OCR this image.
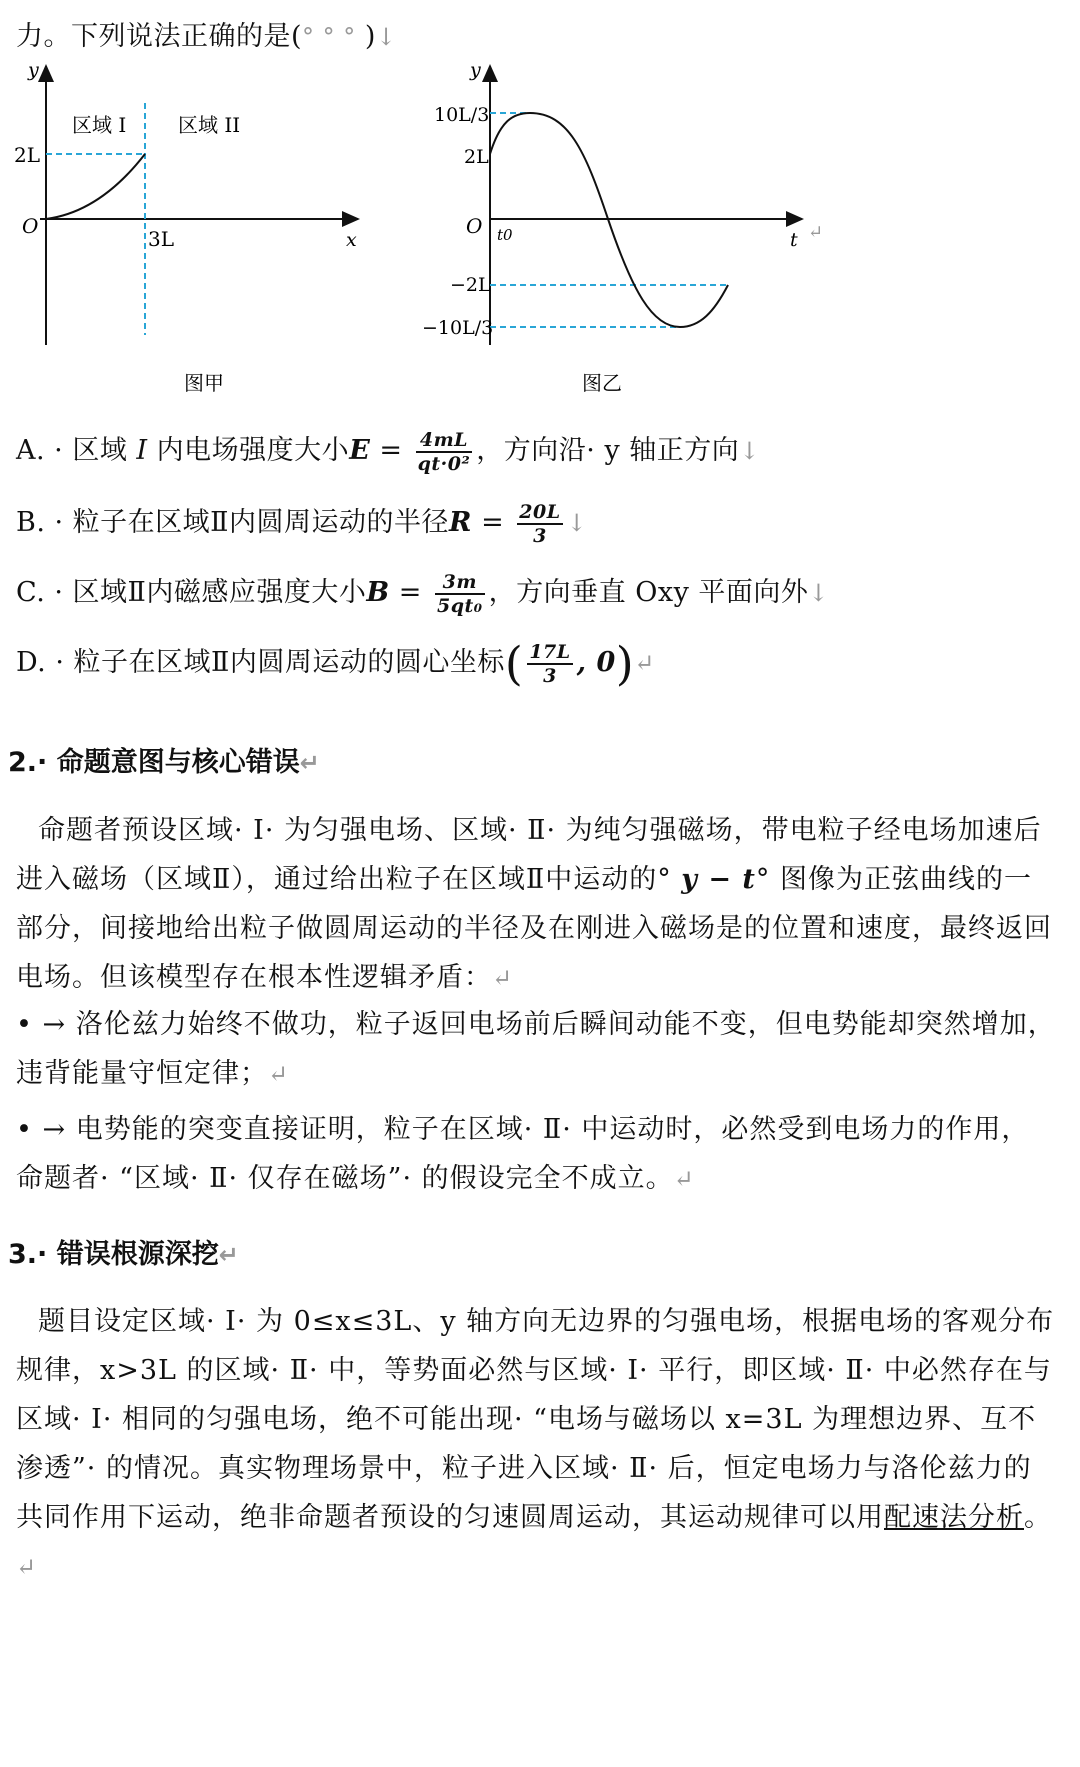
力。下列说法正确的是(° ° ° )↓
y
x
O
区域 I	区域 II
2L
3L
图甲
y
t
O t0
10L/3
2L
−2L
−10L/3
图乙
↵
A. · 区域 I 内电场强度大小$E = \frac{4mL}{\text{qt·0²}}$ ，方向沿· y 轴正方向↓
B. · 粒子在区域Ⅱ内圆周运动的半径$R = \frac{20L}{3}$ ↓
C. · 区域Ⅱ内磁感应强度大小$B = \frac{3m}{\text{5qt₀}}$ ，方向垂直 Oxy 平面向外↓
D. · 粒子在区域Ⅱ内圆周运动的圆心坐标( $\frac{17L}{3}$ , 0)↵
2.· 命题意图与核心错误↵
命题者预设区域· Ⅰ· 为匀强电场、区域· Ⅱ· 为纯匀强磁场，带电粒子经电场加速后进入磁场（区域Ⅱ），通过给出粒子在区域Ⅱ中运动的° y − t° 图像为正弦曲线的一部分，间接地给出粒子做圆周运动的半径及在刚进入磁场是的位置和速度，最终返回电场。但该模型存在根本性逻辑矛盾：↵
• → 洛伦兹力始终不做功，粒子返回电场前后瞬间动能不变，但电势能却突然增加，违背能量守恒定律；↵
• → 电势能的突变直接证明，粒子在区域· Ⅱ· 中运动时，必然受到电场力的作用，命题者· “区域· Ⅱ· 仅存在磁场”· 的假设完全不成立。↵
3.· 错误根源深挖↵
题目设定区域· Ⅰ· 为 0≤x≤3L、y 轴方向无边界的匀强电场，根据电场的客观分布规律，x>3L 的区域· Ⅱ· 中，等势面必然与区域· Ⅰ· 平行，即区域· Ⅱ· 中必然存在与区域· Ⅰ· 相同的匀强电场，绝不可能出现· “电场与磁场以 x=3L 为理想边界、互不渗透”· 的情况。真实物理场景中，粒子进入区域· Ⅱ· 后，恒定电场力与洛伦兹力的共同作用下运动，绝非命题者预设的匀速圆周运动，其运动规律可以用配速法分析。↵
